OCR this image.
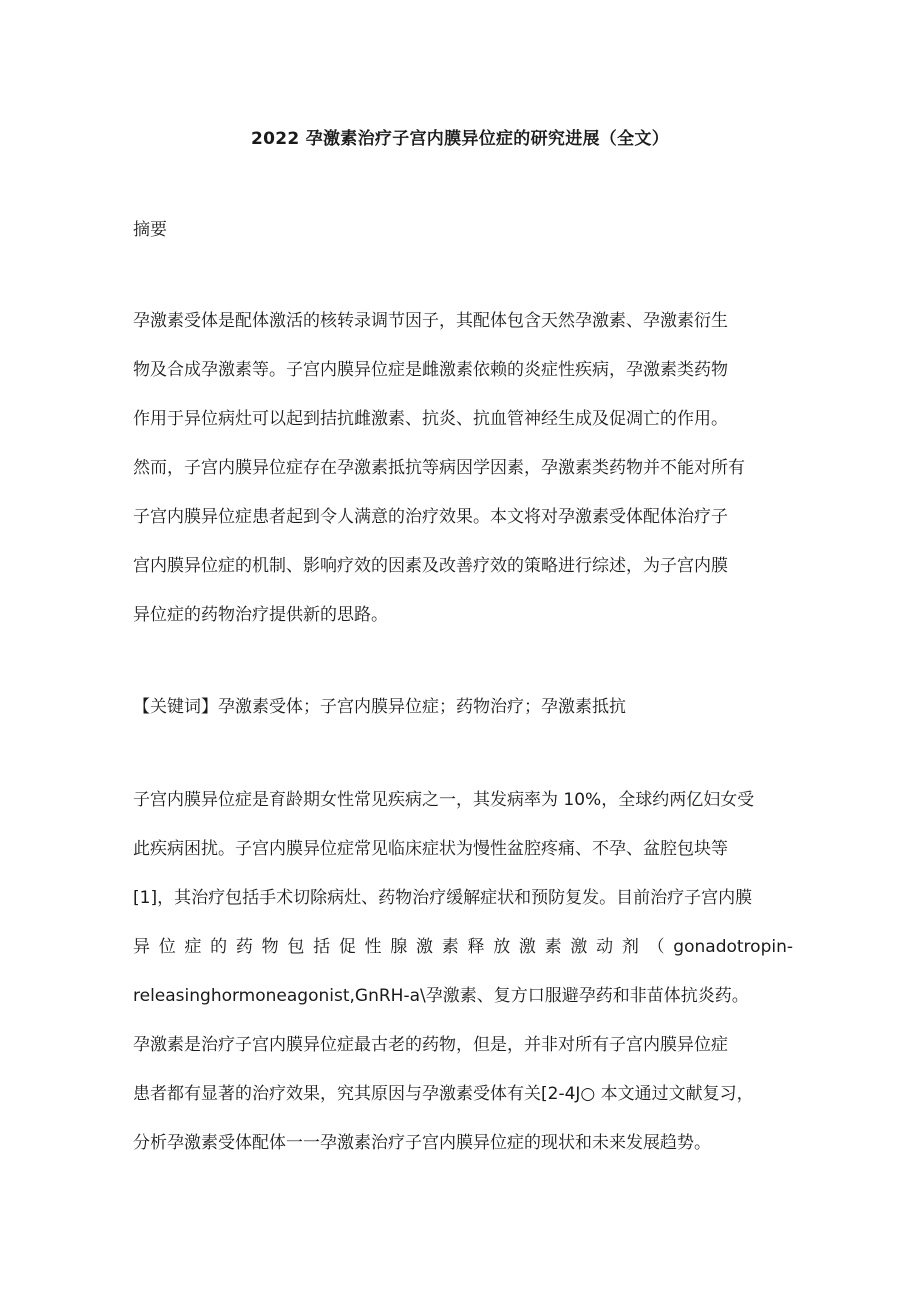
2022 孕激素治疗子宫内膜异位症的研究进展（全文）
摘要
孕激素受体是配体激活的核转录调节因子，其配体包含天然孕激素、孕激素衍生
物及合成孕激素等。子宫内膜异位症是雌激素依赖的炎症性疾病，孕激素类药物
作用于异位病灶可以起到拮抗雌激素、抗炎、抗血管神经生成及促凋亡的作用。
然而，子宫内膜异位症存在孕激素抵抗等病因学因素，孕激素类药物并不能对所有
子宫内膜异位症患者起到令人满意的治疗效果。本文将对孕激素受体配体治疗子
宫内膜异位症的机制、影响疗效的因素及改善疗效的策略进行综述，为子宫内膜
异位症的药物治疗提供新的思路。
【关键词】孕激素受体；子宫内膜异位症；药物治疗；孕激素抵抗
子宫内膜异位症是育龄期女性常见疾病之一，其发病率为 10%，全球约两亿妇女受
此疾病困扰。子宫内膜异位症常见临床症状为慢性盆腔疼痛、不孕、盆腔包块等
[1]，其治疗包括手术切除病灶、药物治疗缓解症状和预防复发。目前治疗子宫内膜
异位症的药物包括促性腺激素释放激素激动剂（gonadotropin-
releasinghormoneagonist,GnRH-a\孕激素、复方口服避孕药和非苗体抗炎药。
孕激素是治疗子宫内膜异位症最古老的药物，但是，并非对所有子宫内膜异位症
患者都有显著的治疗效果，究其原因与孕激素受体有关[2-4J○ 本文通过文献复习，
分析孕激素受体配体一一孕激素治疗子宫内膜异位症的现状和未来发展趋势。
